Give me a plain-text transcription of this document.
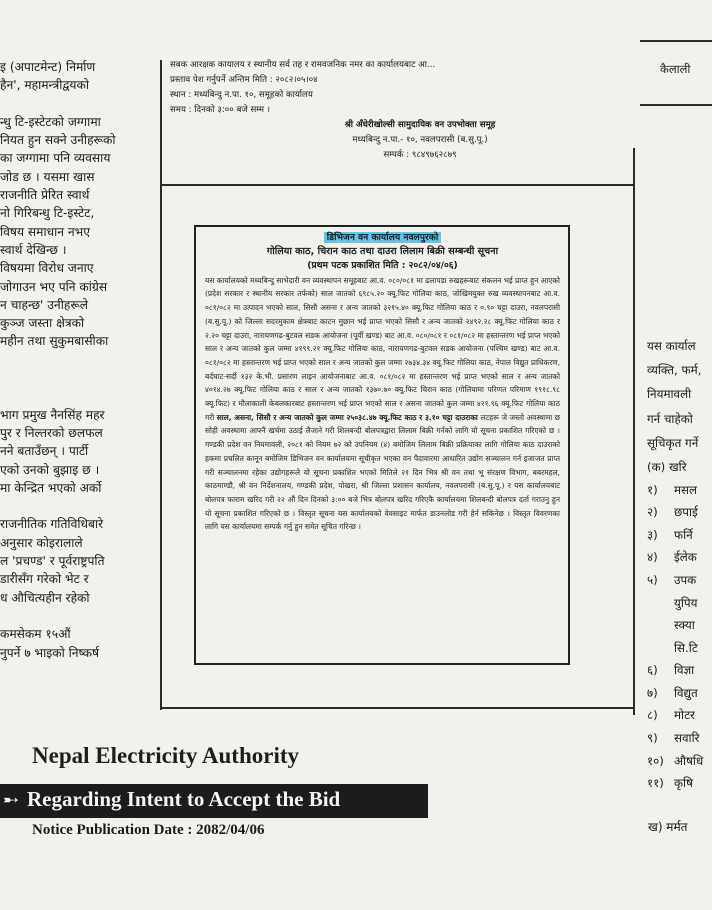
इ (अपाटमेन्ट) निर्माण
हैन', महामन्त्रीद्वयको
न्धु टि-इस्टेटको जग्गामा
नियत हुन सक्ने उनीहरूको
का जग्गामा पनि व्यवसाय
जोड छ । यसमा खास
राजनीति प्रेरित स्वार्थ
नो गिरिबन्धु टि-इस्टेट,
विषय समाधान नभए
स्वार्थ देखिन्छ ।
विषयमा विरोध जनाए
जोगाउन भए पनि कांग्रेस
न चाहन्छ' उनीहरूले
कुञ्ज जस्ता क्षेत्रको
महीन तथा सुकुमबासीका
भाग प्रमुख नैनसिंह महर
पुर र निल्तरको छलफल
नने बताउँछन् । पार्टी
एको उनको बुझाइ छ ।
मा केन्द्रित भएको अर्को
राजनीतिक गतिविधिबारे
अनुसार कोइरालाले
ल 'प्रचण्ड' र पूर्वराष्ट्रपति
डारीसँग गरेको भेट र
ध औचित्यहीन रहेको
कमसेकम १५औं
नुपर्ने ७ भाइको निष्कर्ष
सबक आरक्षक कायालय र स्थानीय सर्व तह र रामवजनिक नमर का कार्यालयबाट आ...
प्रस्ताव पेश गर्नुपर्ने अन्तिम मिति : २०८२।०५।०४
स्थान : मध्यबिन्दु न.पा. १०, समूहको कार्यालय
समय : दिनको ३:०० बजे सम्म ।
श्री अँधेरीखोल्सी सामुदायिक वन उपभोक्ता समूह
मध्यबिन्दु न.पा.- १०, नवलपरासी (ब.सु.पू.)
सम्पर्क : ९८४९७६२८७९
डिभिजन वन कार्यालय नवलपुरको
गोलिया काठ, चिरान काठ तथा दाउरा लिलाम बिक्री सम्बन्धी सूचना
(प्रथम पटक प्रकाशित मिति : २०८२/०४/०६)
यस कार्यालयको मध्यबिन्दु साभेदारी वन व्यवस्थापन समूहबाट आ.व. ०८०/०८१ मा ढलापडा रुखहरूबाट संकलन भई प्राप्त हुन आएको (प्रदेश सरकार र स्थानीय सरकार तर्फको) साल जातको ६९८५.२० क्यू.फिट गोलिया काठ, जोखिमयुक्त रुख व्यवस्थापनबाट आ.व. ०८१/०८२ मा उत्पादन भएको साल, सिसौ असना र अन्य जातको ३२१५.४० क्यू.फिट गोलिया काठ र ०.९० चट्टा दाउरा, नवलपरासी (ब.सु.पू.) को जिल्ला सदरमुकाम क्षेत्रबाट काटन मुछान भई प्राप्त भएको सिसौ र अन्य जातको २४९२.२८ क्यू.फिट गोलिया काठ र २.२० चट्टा दाउरा, नारायणगढ-बुटवल सडक आयोजना (पूर्वी खण्ड) बाट आ.व. ०८०/०८१ र ०८१/०८२ मा हस्तान्तरण भई प्राप्त भएको साल र अन्य जातको कुल जम्मा ४१९९.२१ क्यू.फिट गोलिया काठ, नारायणगढ-बुटवल सडक आयोजना (पश्चिम खण्ड) बाट आ.व. ०८१/०८२ मा हस्तान्तरण भई प्राप्त भएको साल र अन्य जातको कुल जम्मा २७३४.३४ क्यू.फिट गोलिया काठ, नेपाल विद्युत प्राधिकरण, बर्दघाट-सर्दी १३२ के.भी. प्रसारण लाइन आयोजनाबाट आ.व. ०८१/०८२ मा हस्तान्तरण भई प्राप्त भएको साल र अन्य जातको ४०१४.२७ क्यू.फिट गोलिया काठ र साल र अन्य जातको १३७०.७० क्यू.फिट चिरान काठ (गोलियामा परिणत परिमाण १९१८.९८ क्यू.फिट) र मौलाकाली केबलकारबाट हस्तान्तरण भई प्राप्त भएको साल र असना जातको कुल जम्मा ४२१.९६ क्यू.फिट गोलिया काठ गरी साल, असना, सिसौ र अन्य जातको कुल जम्मा २५०३८.४७ क्यू.फिट काठ र ३.१० चट्टा दाउराका लटहरू जे जस्तो अवस्थामा छ सोही अवस्थामा आफ्नै खर्चमा उठाई लैजाने गरी शिलबन्दी बोलपत्रद्वारा लिलाम बिक्री गर्नको लागि यो सूचना प्रकाशित गरिएको छ । गण्डकी प्रदेश वन नियमावली, २०८१ को नियम ७२ को उपनियम (४) बमोजिम लिलाम बिक्री प्रक्रियाका लागि गोलिया काठ दाउराको हकमा प्रचलित कानून बमोजिम डिभिजन वन कार्यालयमा सूचीकृत भएका वन पैदावारमा आधारित उद्योग सञ्चालन गर्न इजाजत प्राप्त गरी सञ्चालनमा रहेका उद्योगहरूले यो सूचना प्रकाशित भएको मितिले २१ दिन भित्र श्री वन तथा भू संरक्षण विभाग, बबरमहल, काठमाण्डौ, श्री वन निर्देशनालय, गण्डकी प्रदेश, पोखरा, श्री जिल्ला प्रशासन कार्यालय, नवलपरासी (ब.सु.पू.) र यस कार्यालयबाट बोलपत्र फाराम खरिद गरी २२ औं दिन दिनको ३:०० बजे भित्र बोलपत्र खरिद गरिएकै कार्यालयमा शिलबन्दी बोलपत्र दर्ता गराउनु हुन यो सूचना प्रकाशित गरिएको छ । विस्तृत सूचना यस कार्यालयको वेवसाइट मार्फत डाउनलोड गरी हेर्न सकिनेछ । विस्तृत विवरणका लागि यस कार्यालयमा सम्पर्क गर्नु हुन समेत सूचित गरिन्छ ।
कैलाली
यस कार्याल
व्यक्ति, फर्म,
नियमावली
गर्न चाहेको
सूचिकृत गर्ने
(क) खरि
१) मसल
२) छपाई
३) फर्नि
४) ईलेक
५) उपक
युपिय
स्क्या
सि.टि
६) विज्ञा
७) विद्युत
८) मोटर
९) सवारि
१०) औषधि
११) कृषि
ख) मर्मत
Nepal Electricity Authority
➸ Regarding Intent to Accept the Bid
Notice Publication Date : 2082/04/06
